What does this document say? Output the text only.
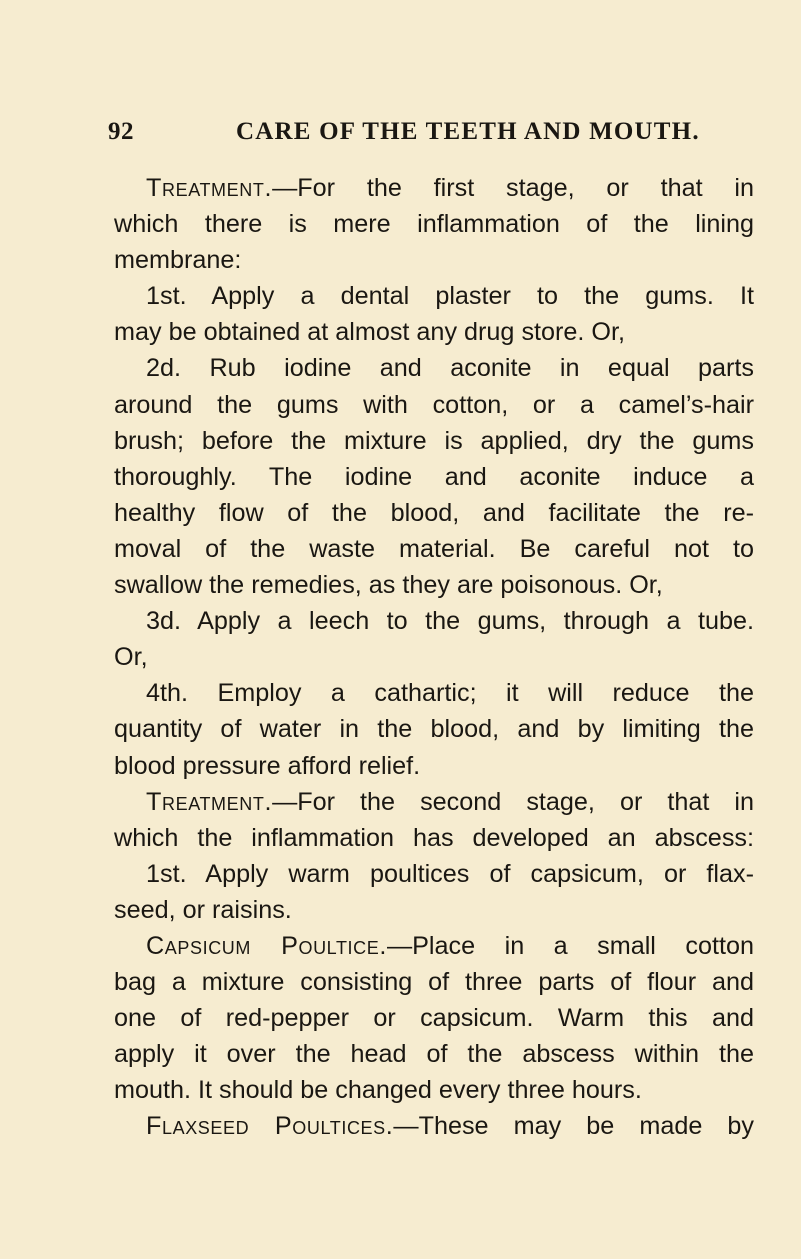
92	CARE OF THE TEETH AND MOUTH.
Treatment.—For the first stage, or that in
which there is mere inflammation of the lining
membrane:
1st. Apply a dental plaster to the gums. It
may be obtained at almost any drug store. Or,
2d. Rub iodine and aconite in equal parts
around the gums with cotton, or a camel’s-hair
brush; before the mixture is applied, dry the gums
thoroughly. The iodine and aconite induce a
healthy flow of the blood, and facilitate the re-
moval of the waste material. Be careful not to
swallow the remedies, as they are poisonous. Or,
3d. Apply a leech to the gums, through a tube.
Or,
4th. Employ a cathartic; it will reduce the
quantity of water in the blood, and by limiting the
blood pressure afford relief.
Treatment.—For the second stage, or that in
which the inflammation has developed an abscess:
1st. Apply warm poultices of capsicum, or flax-
seed, or raisins.
Capsicum Poultice.—Place in a small cotton
bag a mixture consisting of three parts of flour and
one of red-pepper or capsicum. Warm this and
apply it over the head of the abscess within the
mouth. It should be changed every three hours.
Flaxseed Poultices.—These may be made by
